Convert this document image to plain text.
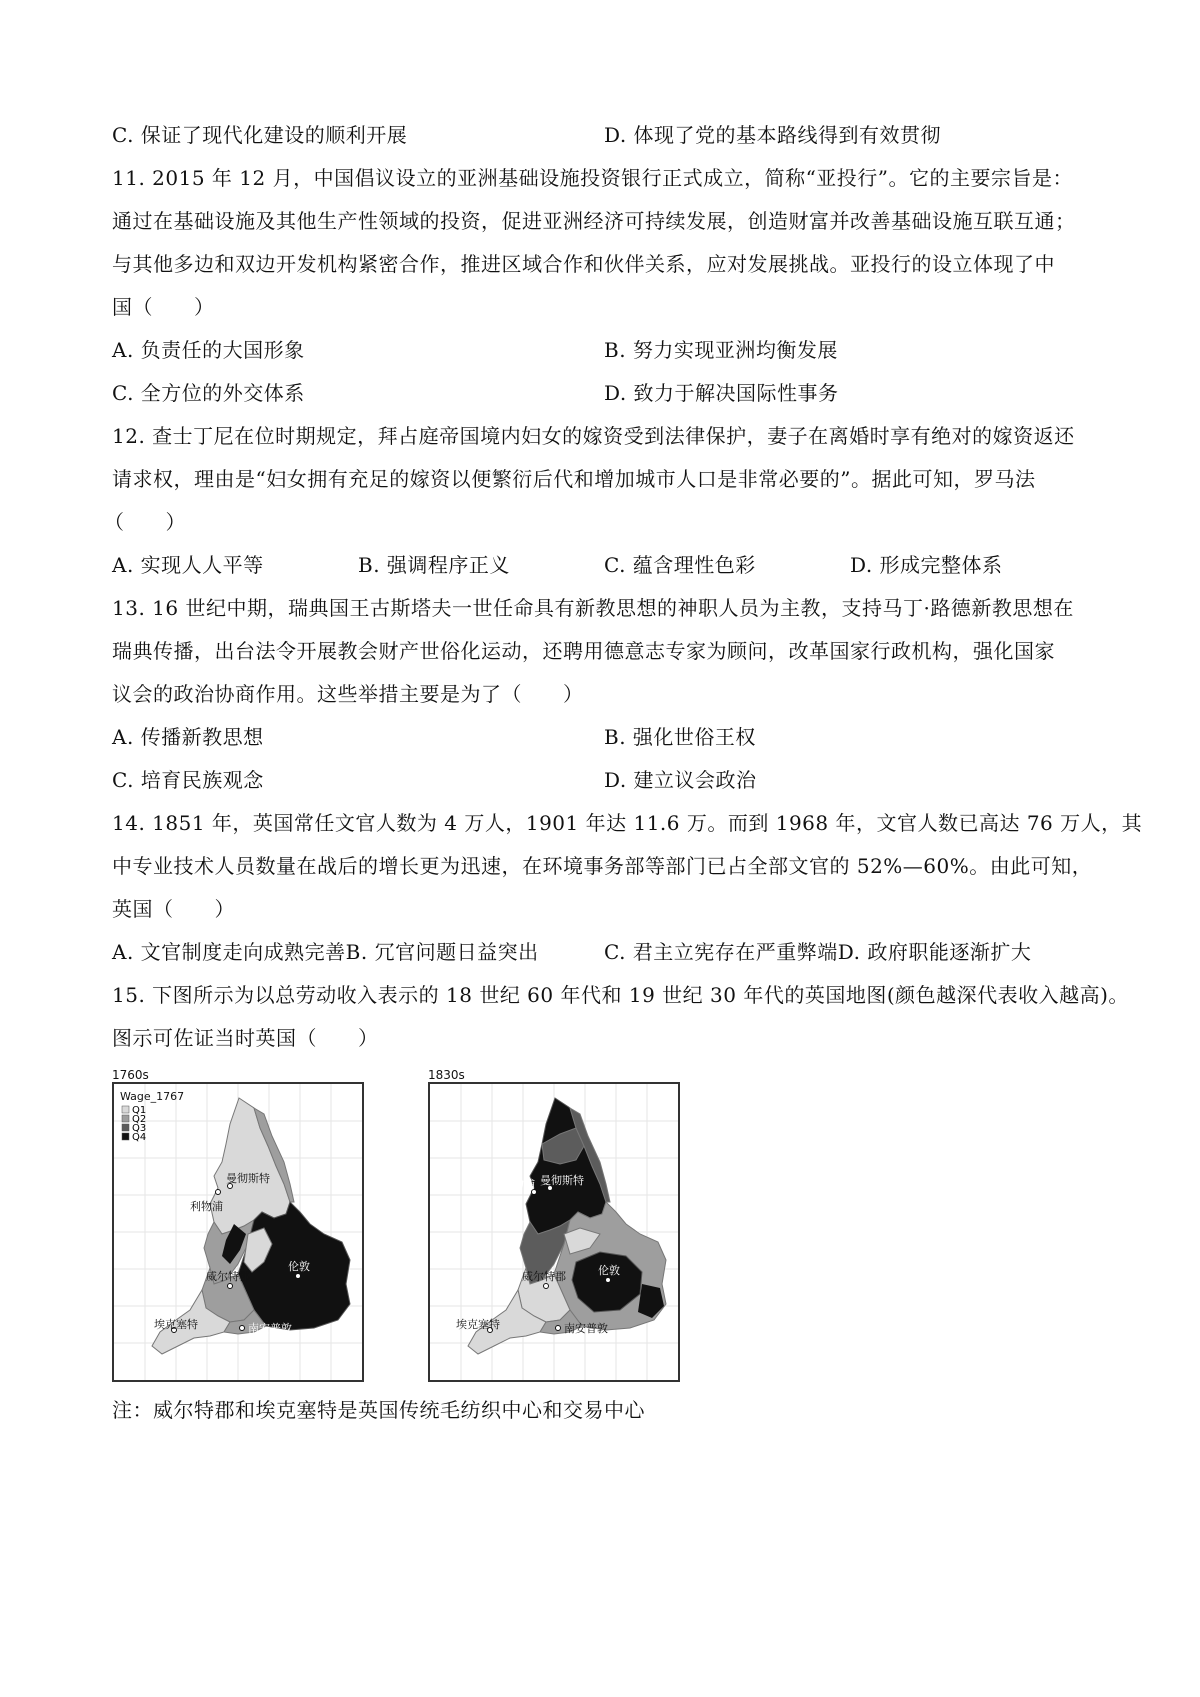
C. 保证了现代化建设的顺利开展	D. 体现了党的基本路线得到有效贯彻
11. 2015 年 12 月，中国倡议设立的亚洲基础设施投资银行正式成立，简称“亚投行”。它的主要宗旨是：
通过在基础设施及其他生产性领域的投资，促进亚洲经济可持续发展，创造财富并改善基础设施互联互通；
与其他多边和双边开发机构紧密合作，推进区域合作和伙伴关系，应对发展挑战。亚投行的设立体现了中
国（　　）
A. 负责任的大国形象	B. 努力实现亚洲均衡发展
C. 全方位的外交体系	D. 致力于解决国际性事务
12. 查士丁尼在位时期规定，拜占庭帝国境内妇女的嫁资受到法律保护，妻子在离婚时享有绝对的嫁资返还
请求权，理由是“妇女拥有充足的嫁资以便繁衍后代和增加城市人口是非常必要的”。据此可知，罗马法
（　　）
A. 实现人人平等	B. 强调程序正义	C. 蕴含理性色彩	D. 形成完整体系
13. 16 世纪中期，瑞典国王古斯塔夫一世任命具有新教思想的神职人员为主教，支持马丁·路德新教思想在
瑞典传播，出台法令开展教会财产世俗化运动，还聘用德意志专家为顾问，改革国家行政机构，强化国家
议会的政治协商作用。这些举措主要是为了（　　）
A. 传播新教思想	B. 强化世俗王权
C. 培育民族观念	D. 建立议会政治
14. 1851 年，英国常任文官人数为 4 万人，1901 年达 11.6 万。而到 1968 年，文官人数已高达 76 万人，其
中专业技术人员数量在战后的增长更为迅速，在环境事务部等部门已占全部文官的 52%—60%。由此可知，
英国（　　）
A. 文官制度走向成熟完善B. 冗官问题日益突出	C. 君主立宪存在严重弊端D. 政府职能逐渐扩大
15. 下图所示为以总劳动收入表示的 18 世纪 60 年代和 19 世纪 30 年代的英国地图(颜色越深代表收入越高)。
图示可佐证当时英国（　　）
1760s
Wage_1767
Q1
Q2
Q3
Q4
曼彻斯特
利物浦
威尔特郡
伦敦
埃克塞特	南安普敦
1830s
利物浦 曼彻斯特
威尔特郡	伦敦
埃克塞特	南安普敦
注：威尔特郡和埃克塞特是英国传统毛纺织中心和交易中心
